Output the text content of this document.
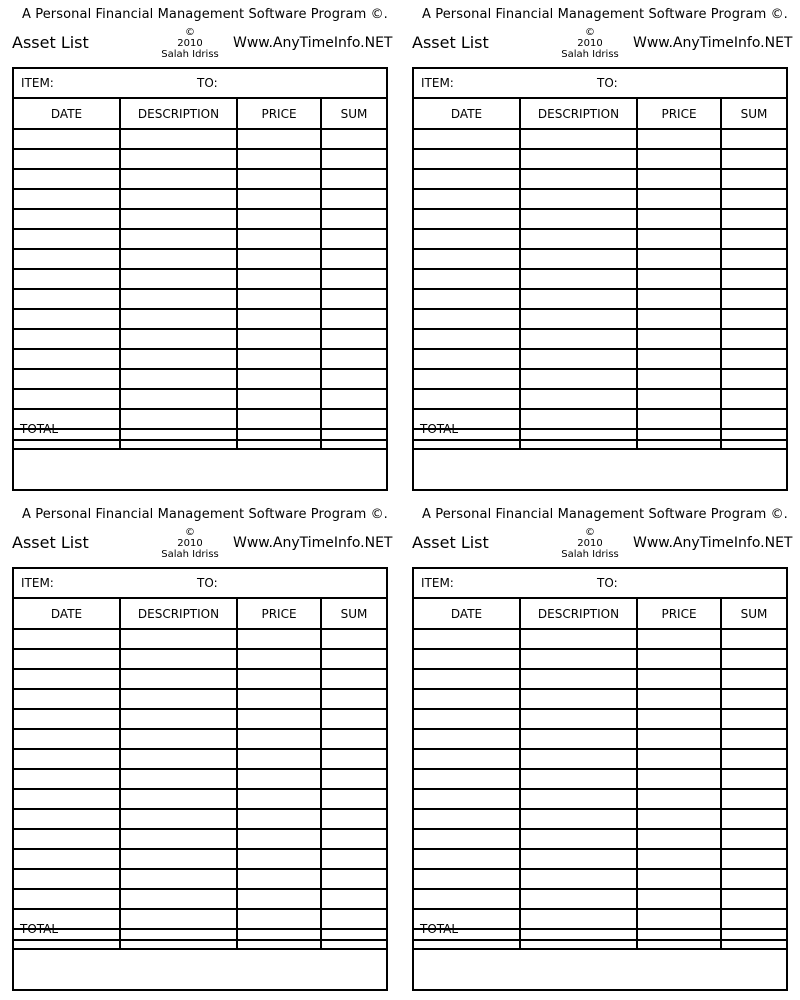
A Personal Financial Management Software Program ©.
Asset List
©
2010
Salah Idriss
Www.AnyTimeInfo.NET
ITEM:	TO:
DATE	DESCRIPTION	PRICE	SUM

TOTAL
A Personal Financial Management Software Program ©.
Asset List
©
2010
Salah Idriss
Www.AnyTimeInfo.NET
ITEM:	TO:
DATE	DESCRIPTION	PRICE	SUM

TOTAL
A Personal Financial Management Software Program ©.
Asset List
©
2010
Salah Idriss
Www.AnyTimeInfo.NET
ITEM:	TO:
DATE	DESCRIPTION	PRICE	SUM

TOTAL
A Personal Financial Management Software Program ©.
Asset List
©
2010
Salah Idriss
Www.AnyTimeInfo.NET
ITEM:	TO:
DATE	DESCRIPTION	PRICE	SUM

TOTAL
